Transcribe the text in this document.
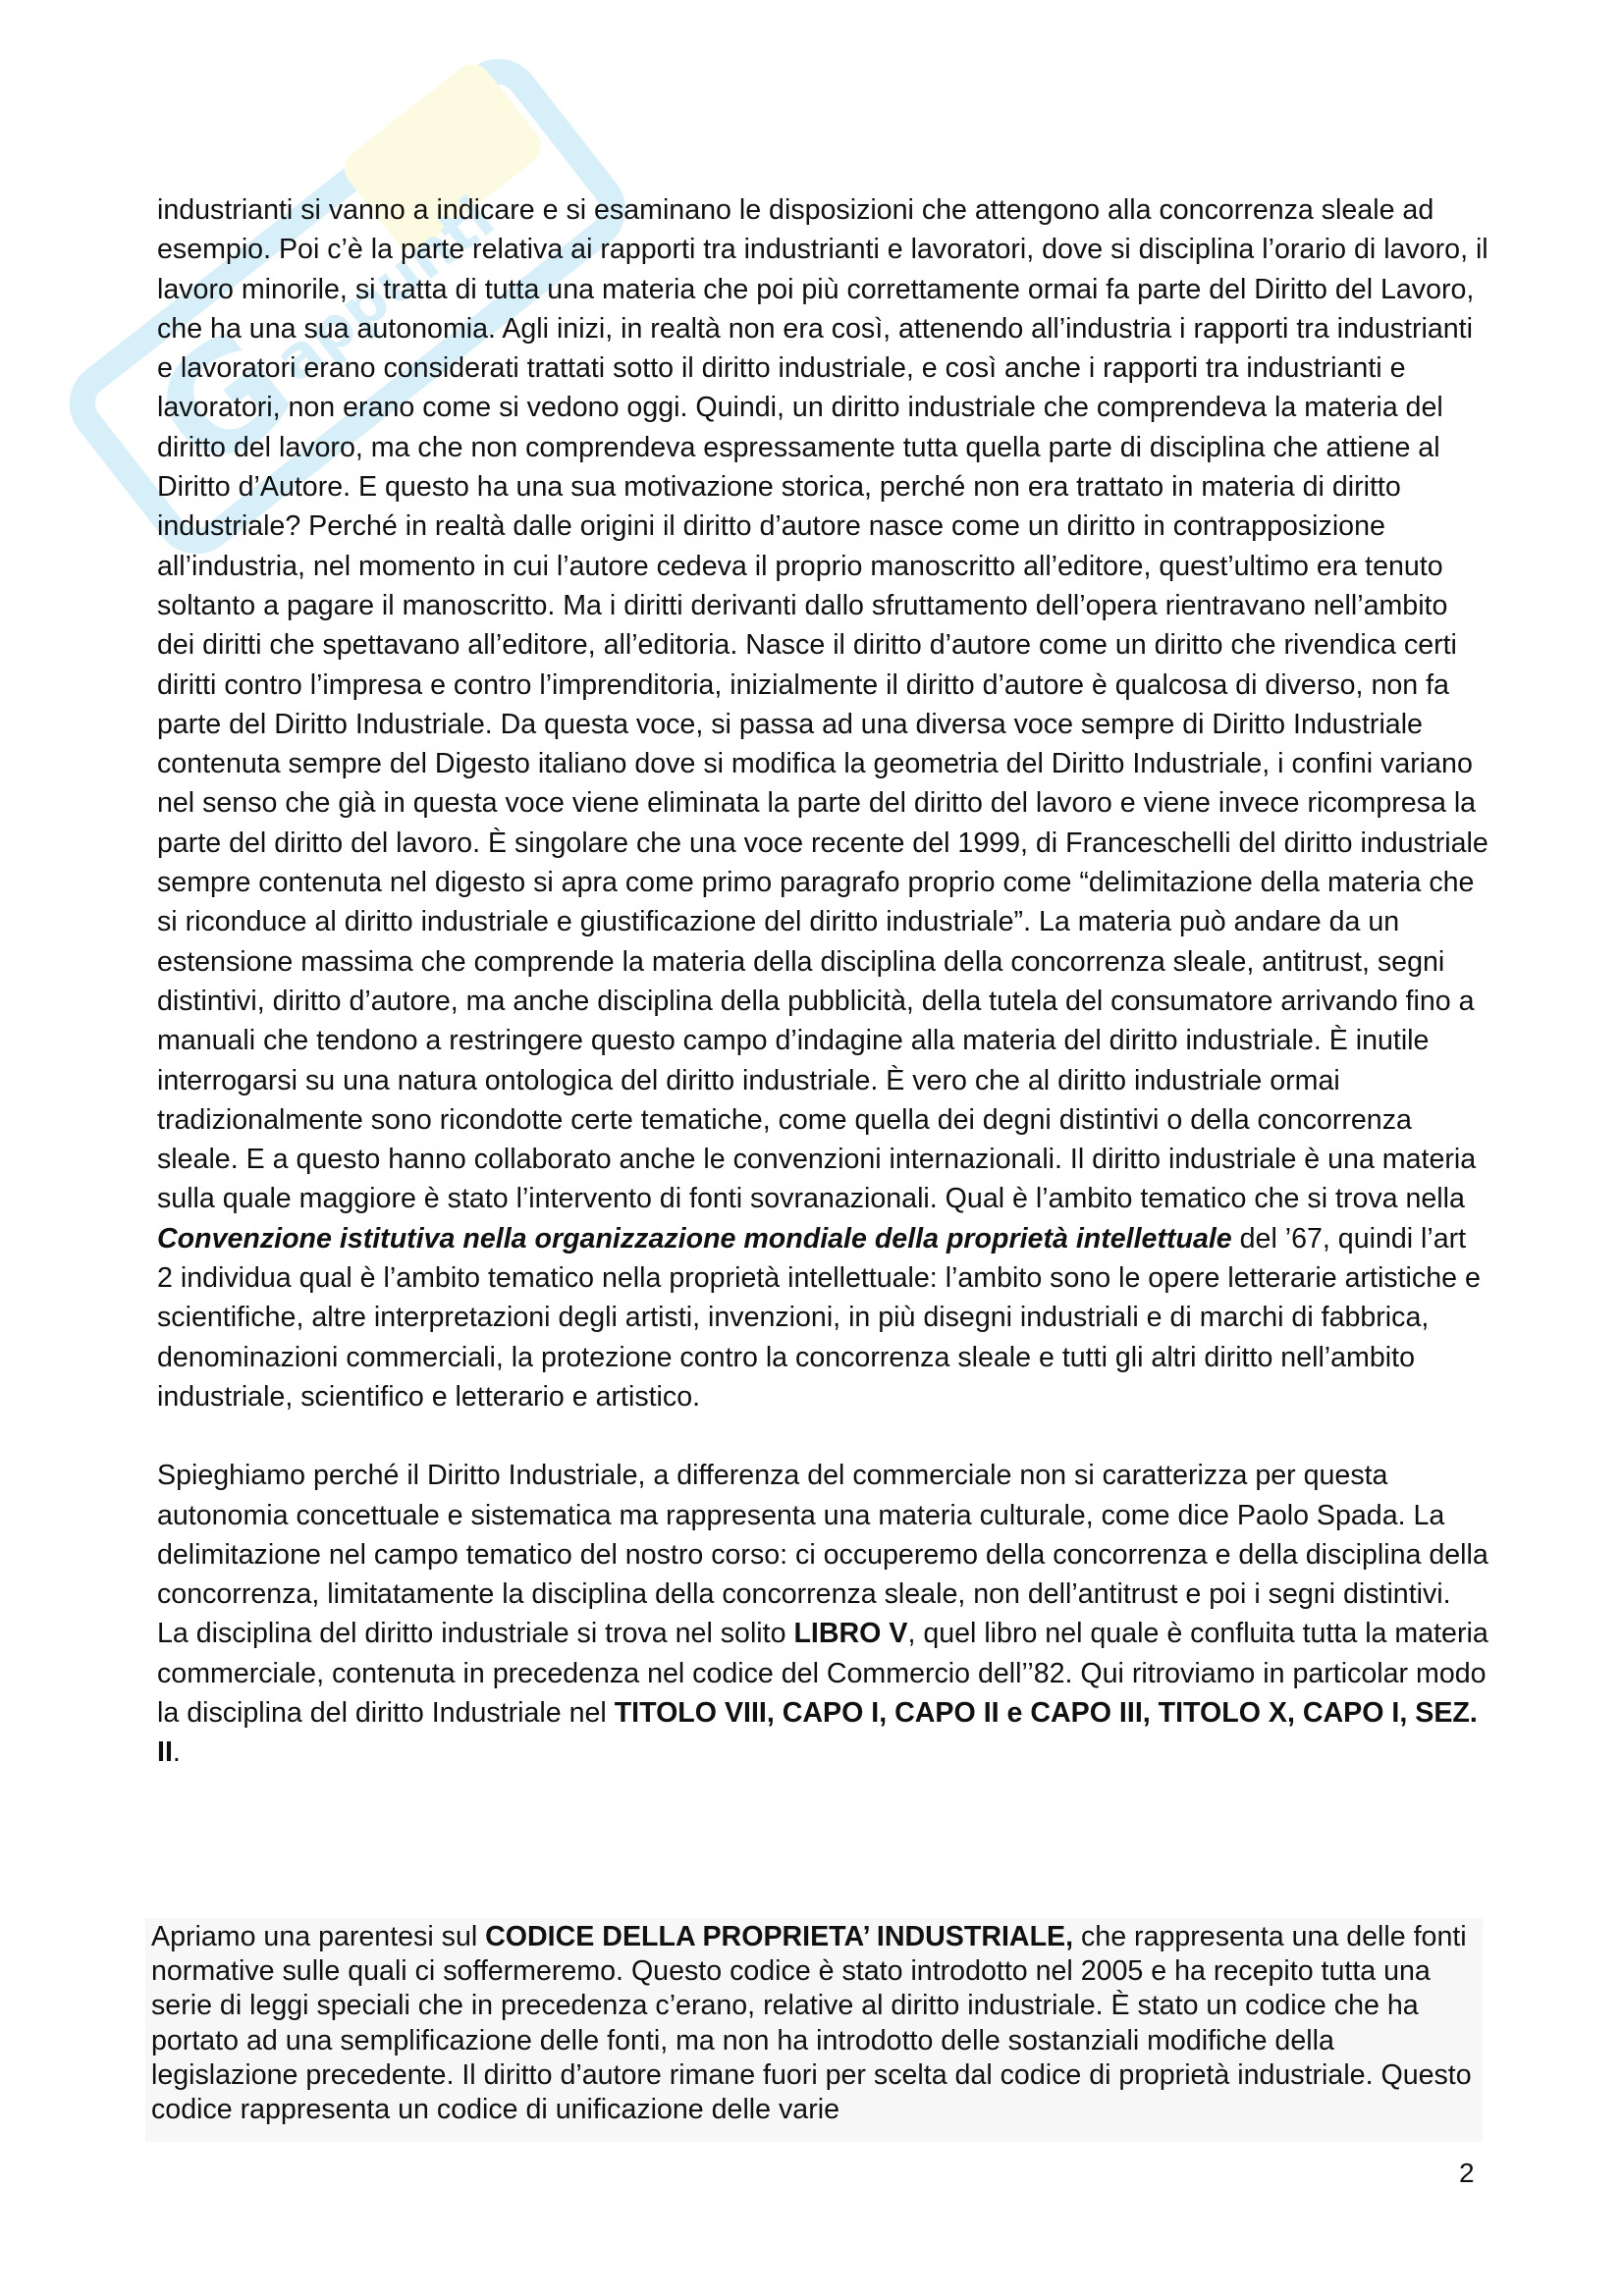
G
appunti

industrianti si vanno a indicare e si esaminano le disposizioni che attengono alla concorrenza sleale ad esempio. Poi c’è la parte relativa ai rapporti tra industrianti e lavoratori, dove si disciplina l’orario di lavoro, il lavoro minorile, si tratta di tutta una materia che poi più correttamente ormai fa parte del Diritto del Lavoro, che ha una sua autonomia. Agli inizi, in realtà non era così, attenendo all’industria i rapporti tra industrianti e lavoratori erano considerati trattati sotto il diritto industriale, e così anche i rapporti tra industrianti e lavoratori, non erano come si vedono oggi. Quindi, un diritto industriale che comprendeva la materia del diritto del lavoro, ma che non comprendeva espressamente tutta quella parte di disciplina che attiene al Diritto d’Autore. E questo ha una sua motivazione storica, perché non era trattato in materia di diritto industriale? Perché in realtà dalle origini il diritto d’autore nasce come un diritto in contrapposizione all’industria, nel momento in cui l’autore cedeva il proprio manoscritto all’editore, quest’ultimo era tenuto soltanto a pagare il manoscritto. Ma i diritti derivanti dallo sfruttamento dell’opera rientravano nell’ambito dei diritti che spettavano all’editore, all’editoria. Nasce il diritto d’autore come un diritto che rivendica certi diritti contro l’impresa e contro l’imprenditoria, inizialmente il diritto d’autore è qualcosa di diverso, non fa parte del Diritto Industriale. Da questa voce, si passa ad una diversa voce sempre di Diritto Industriale contenuta sempre del Digesto italiano dove si modifica la geometria del Diritto Industriale, i confini variano nel senso che già in questa voce viene eliminata la parte del diritto del lavoro e viene invece ricompresa la parte del diritto del lavoro. È singolare che una voce recente del 1999, di Franceschelli del diritto industriale sempre contenuta nel digesto si apra come primo paragrafo proprio come “delimitazione della materia che si riconduce al diritto industriale e giustificazione del diritto industriale”. La materia può andare da un estensione massima che comprende la materia della disciplina della concorrenza sleale, antitrust, segni distintivi, diritto d’autore, ma anche disciplina della pubblicità, della tutela del consumatore arrivando fino a manuali che tendono a restringere questo campo d’indagine alla materia del diritto industriale. È inutile interrogarsi su una natura ontologica del diritto industriale. È vero che al diritto industriale ormai tradizionalmente sono ricondotte certe tematiche, come quella dei degni distintivi o della concorrenza sleale. E a questo hanno collaborato anche le convenzioni internazionali. Il diritto industriale è una materia sulla quale maggiore è stato l’intervento di fonti sovranazionali. Qual è l’ambito tematico che si trova nella Convenzione istitutiva nella organizzazione mondiale della proprietà intellettuale del ’67, quindi l’art 2 individua qual è l’ambito tematico nella proprietà intellettuale: l’ambito sono le opere letterarie artistiche e scientifiche, altre interpretazioni degli artisti, invenzioni, in più disegni industriali e di marchi di fabbrica, denominazioni commerciali, la protezione contro la concorrenza sleale e tutti gli altri diritto nell’ambito industriale, scientifico e letterario e artistico.

Spieghiamo perché il Diritto Industriale, a differenza del commerciale non si caratterizza per questa autonomia concettuale e sistematica ma rappresenta una materia culturale, come dice Paolo Spada. La delimitazione nel campo tematico del nostro corso: ci occuperemo della concorrenza e della disciplina della concorrenza, limitatamente la disciplina della concorrenza sleale, non dell’antitrust e poi i segni distintivi. La disciplina del diritto industriale si trova nel solito LIBRO V, quel libro nel quale è confluita tutta la materia commerciale, contenuta in precedenza nel codice del Commercio dell’’82. Qui ritroviamo in particolar modo la disciplina del diritto Industriale nel TITOLO VIII, CAPO I, CAPO II e CAPO III, TITOLO X, CAPO I, SEZ. II.

Apriamo una parentesi sul CODICE DELLA PROPRIETA’ INDUSTRIALE, che rappresenta una delle fonti normative sulle quali ci soffermeremo. Questo codice è stato introdotto nel 2005 e ha recepito tutta una serie di leggi speciali che in precedenza c’erano, relative al diritto industriale. È stato un codice che ha portato ad una semplificazione delle fonti, ma non ha introdotto delle sostanziali modifiche della legislazione precedente. Il diritto d’autore rimane fuori per scelta dal codice di proprietà industriale. Questo codice rappresenta un codice di unificazione delle varie

2
